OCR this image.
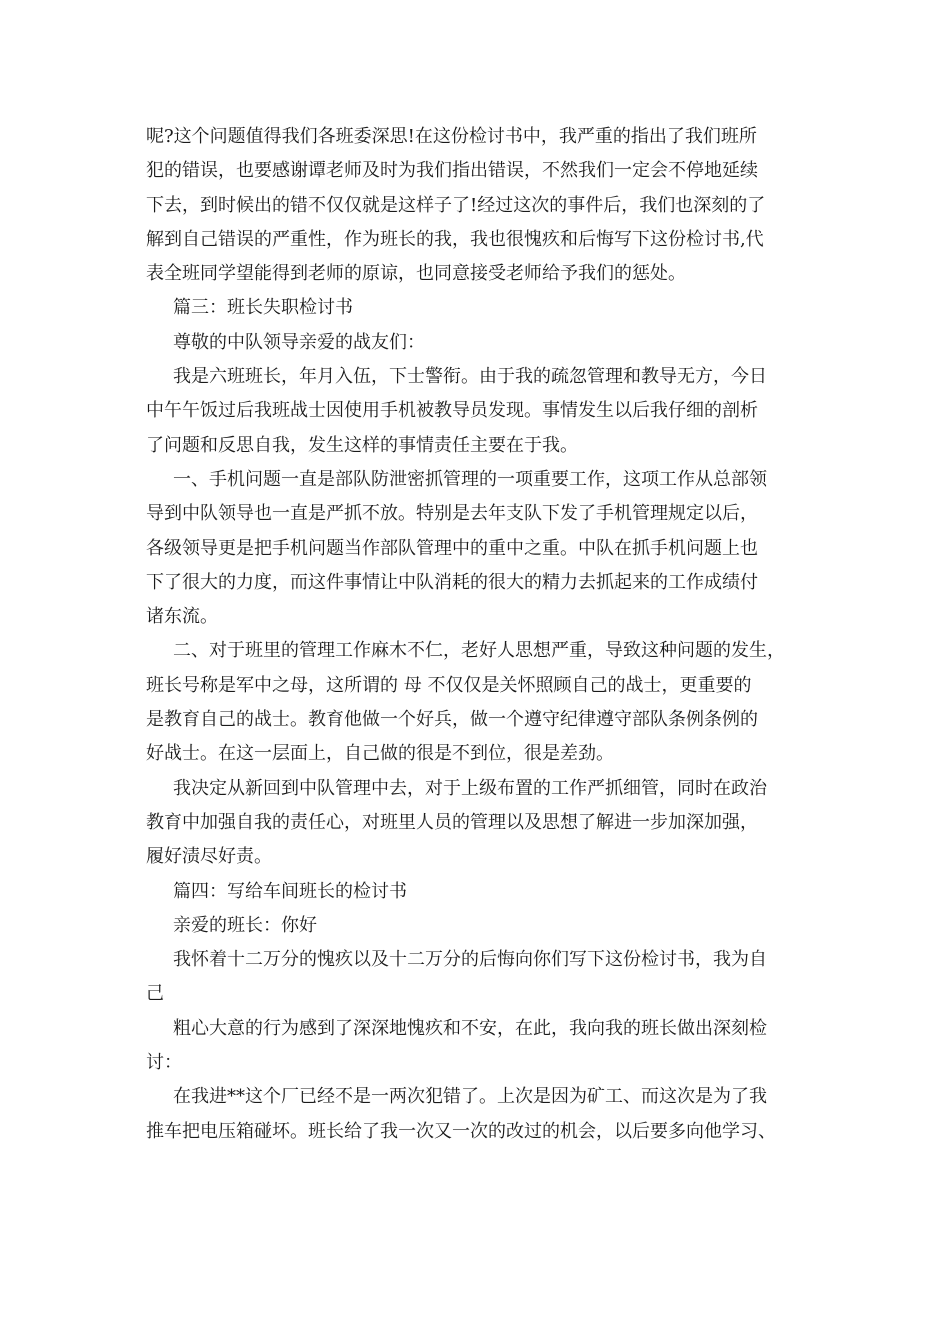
呢?这个问题值得我们各班委深思!在这份检讨书中，我严重的指出了我们班所
犯的错误，也要感谢谭老师及时为我们指出错误，不然我们一定会不停地延续
下去，到时候出的错不仅仅就是这样子了!经过这次的事件后，我们也深刻的了
解到自己错误的严重性，作为班长的我，我也很愧疚和后悔写下这份检讨书,代
表全班同学望能得到老师的原谅，也同意接受老师给予我们的惩处。
篇三：班长失职检讨书
尊敬的中队领导亲爱的战友们：
我是六班班长，年月入伍，下士警衔。由于我的疏忽管理和教导无方，今日
中午午饭过后我班战士因使用手机被教导员发现。事情发生以后我仔细的剖析
了问题和反思自我，发生这样的事情责任主要在于我。
一、手机问题一直是部队防泄密抓管理的一项重要工作，这项工作从总部领
导到中队领导也一直是严抓不放。特别是去年支队下发了手机管理规定以后，
各级领导更是把手机问题当作部队管理中的重中之重。中队在抓手机问题上也
下了很大的力度，而这件事情让中队消耗的很大的精力去抓起来的工作成绩付
诸东流。
二、对于班里的管理工作麻木不仁，老好人思想严重，导致这种问题的发生，
班长号称是军中之母，这所谓的 母 不仅仅是关怀照顾自己的战士，更重要的
是教育自己的战士。教育他做一个好兵，做一个遵守纪律遵守部队条例条例的
好战士。在这一层面上，自己做的很是不到位，很是差劲。
我决定从新回到中队管理中去，对于上级布置的工作严抓细管，同时在政治
教育中加强自我的责任心，对班里人员的管理以及思想了解进一步加深加强，
履好渍尽好责。
篇四：写给车间班长的检讨书
亲爱的班长：你好
我怀着十二万分的愧疚以及十二万分的后悔向你们写下这份检讨书，我为自
己
粗心大意的行为感到了深深地愧疚和不安，在此，我向我的班长做出深刻检
讨：
在我进**这个厂已经不是一两次犯错了。上次是因为矿工、而这次是为了我
推车把电压箱碰坏。班长给了我一次又一次的改过的机会，以后要多向他学习、
